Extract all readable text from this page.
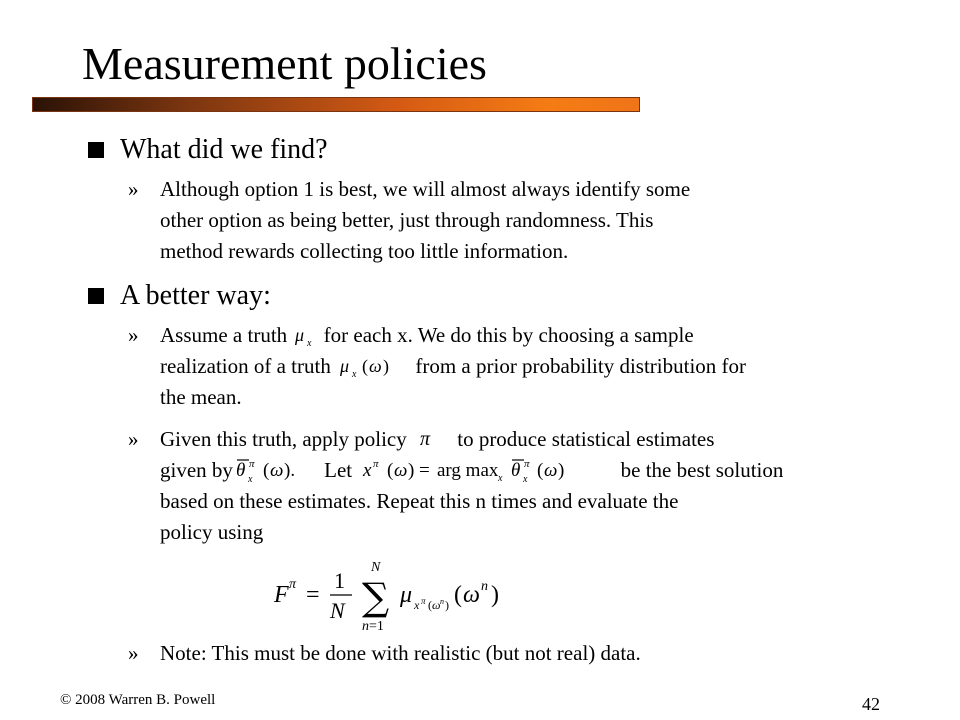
Measurement policies
What did we find?
» Although option 1 is best, we will almost always identify some
other option as being better, just through randomness. This
method rewards collecting too little information.
A better way:
» Assume a truth μ x for each x. We do this by choosing a sample
realization of a truth μ x ( ω ) from a prior probability distribution for
the mean.
» Given this truth, apply policy π to produce statistical estimates
given by θ π
x ( ω ). Let x π ( ω ) = arg max x θ π
x ( ω )	be the best solution
based on these estimates. Repeat this n times and evaluate the
policy using
F π =
1
N
N
∑
n=1
μ x π ( ω n ) ( ω n )
» Note: This must be done with realistic (but not real) data.
© 2008 Warren B. Powell	42
